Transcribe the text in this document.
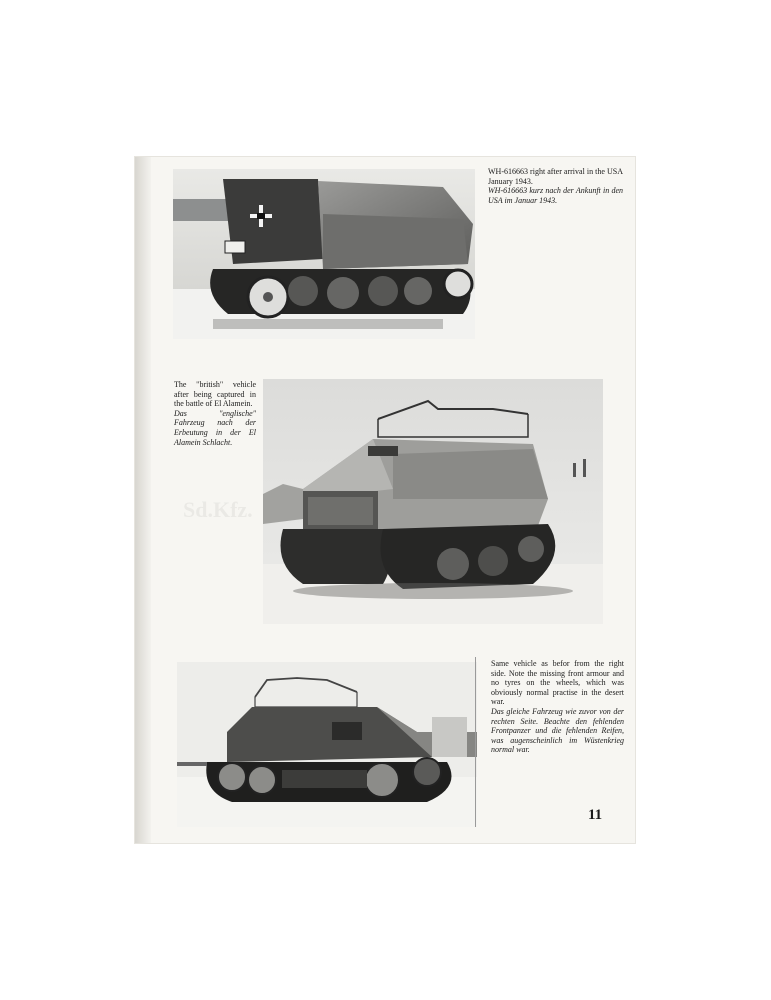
Sd.Kfz.

WH-616663 right after arrival in the USA January 1943.

WH-616663 kurz nach der Ankunft in den USA im Januar 1943.

The "british" vehicle after being captured in the battle of El Alamein.

Das "englische" Fahrzeug nach der Erbeutung in der El Alamein Schlacht.

Same vehicle as befor from the right side. Note the missing front armour and no tyres on the wheels, which was obviously normal practise in the desert war.

Das gleiche Fahrzeug wie zuvor von der rechten Seite. Beachte den fehlenden Frontpanzer und die fehlenden Reifen, was augenscheinlich im Wüstenkrieg normal war.

11
